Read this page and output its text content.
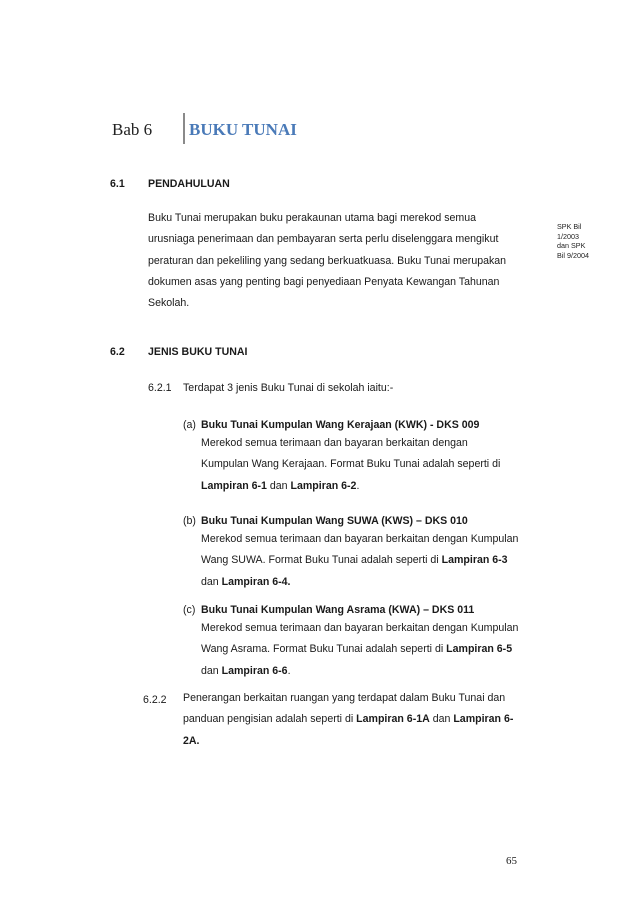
Bab 6 BUKU TUNAI
6.1 PENDAHULUAN
Buku Tunai merupakan buku perakaunan utama bagi merekod semua
urusniaga penerimaan dan pembayaran serta perlu diselenggara mengikut
peraturan dan pekeliling yang sedang berkuatkuasa. Buku Tunai merupakan
dokumen asas yang penting bagi penyediaan Penyata Kewangan Tahunan
Sekolah.
SPK Bil
1/2003
dan SPK
Bil 9/2004
6.2 JENIS BUKU TUNAI
6.2.1 Terdapat 3 jenis Buku Tunai di sekolah iaitu:-
(a) Buku Tunai Kumpulan Wang Kerajaan (KWK) - DKS 009
Merekod semua terimaan dan bayaran berkaitan dengan
Kumpulan Wang Kerajaan. Format Buku Tunai adalah seperti di
Lampiran 6-1 dan Lampiran 6-2.
(b) Buku Tunai Kumpulan Wang SUWA (KWS) – DKS 010
Merekod semua terimaan dan bayaran berkaitan dengan Kumpulan
Wang SUWA. Format Buku Tunai adalah seperti di Lampiran 6-3
dan Lampiran 6-4.
(c) Buku Tunai Kumpulan Wang Asrama (KWA) – DKS 011
Merekod semua terimaan dan bayaran berkaitan dengan Kumpulan
Wang Asrama. Format Buku Tunai adalah seperti di Lampiran 6-5
dan Lampiran 6-6.
6.2.2 Penerangan berkaitan ruangan yang terdapat dalam Buku Tunai dan
panduan pengisian adalah seperti di Lampiran 6-1A dan Lampiran 6-
2A.
65
